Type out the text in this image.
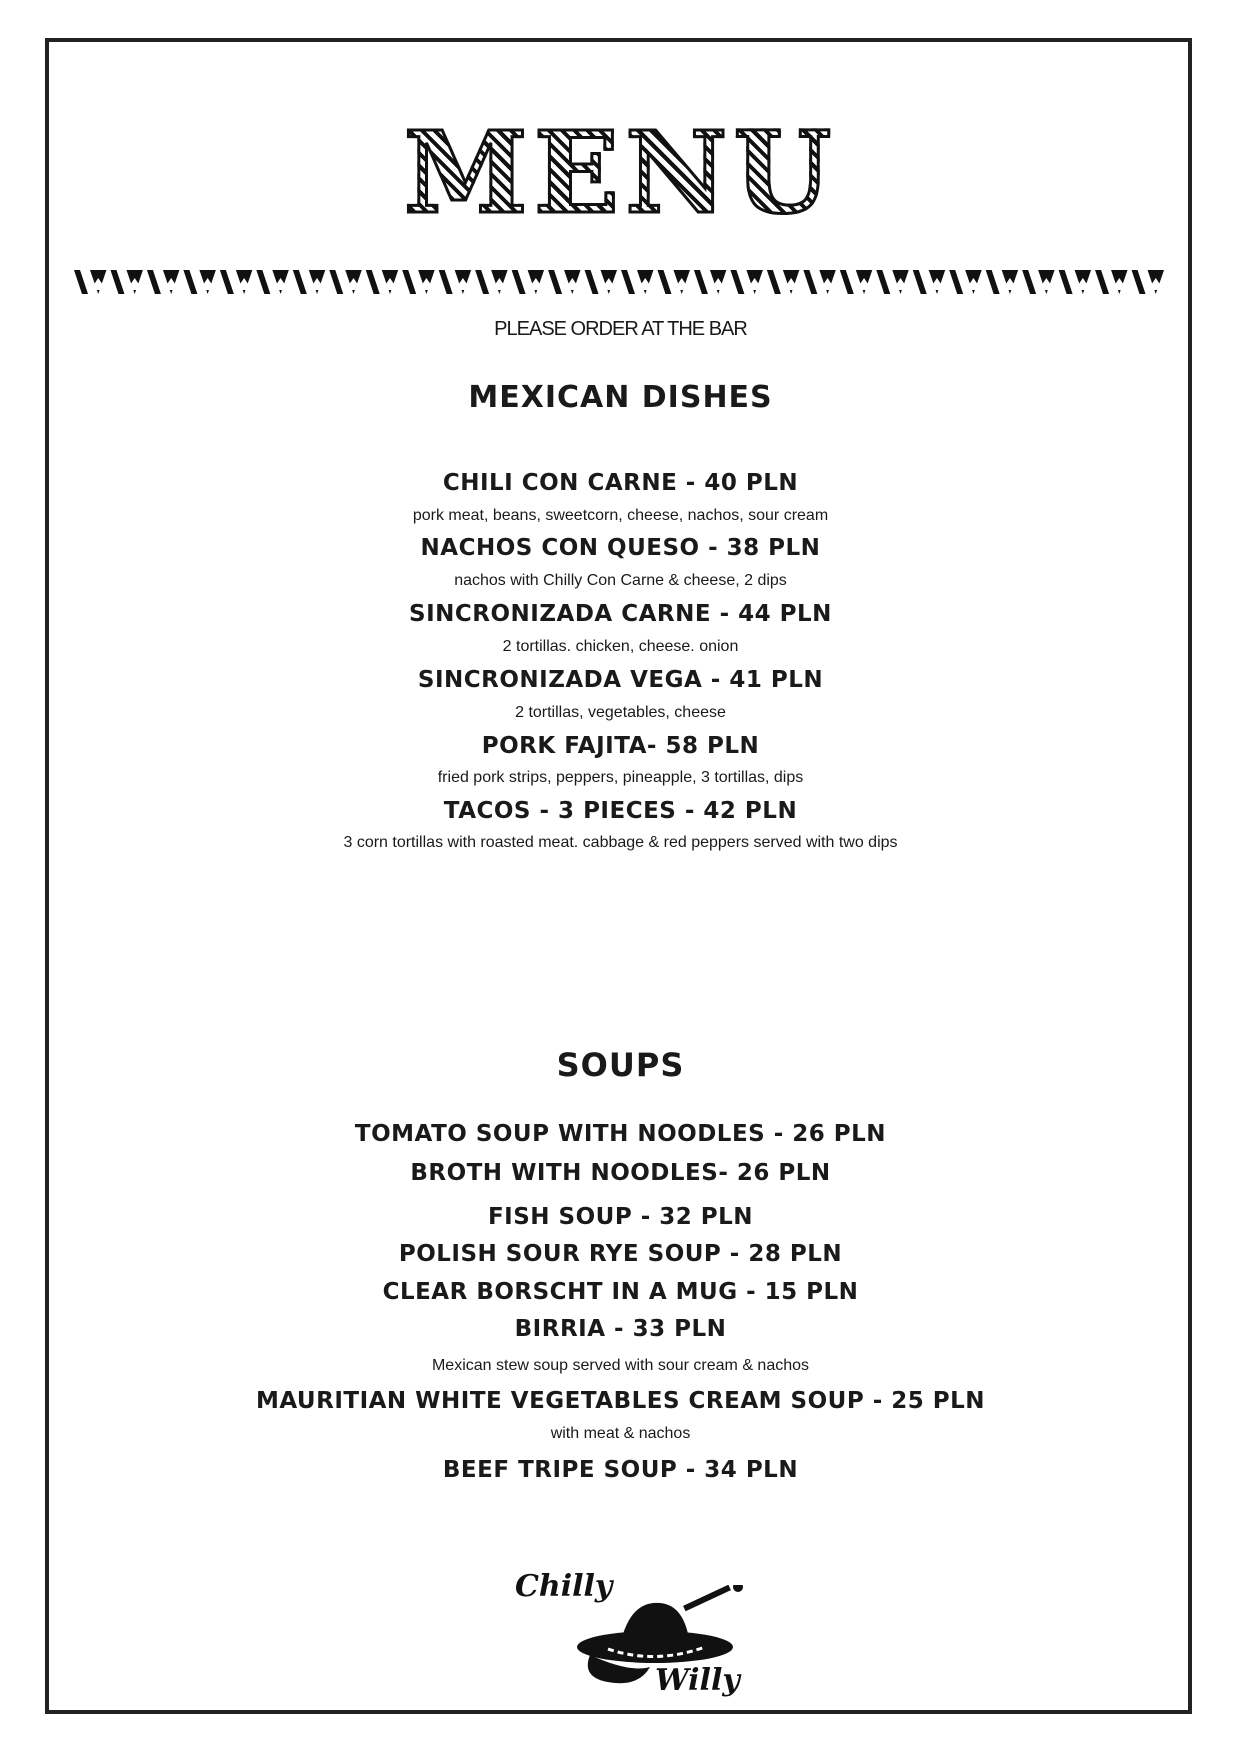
MENU
PLEASE ORDER AT THE BAR
MEXICAN DISHES
CHILI CON CARNE - 40 PLN
pork meat, beans, sweetcorn, cheese, nachos, sour cream
NACHOS CON QUESO - 38 PLN
nachos with Chilly Con Carne & cheese, 2 dips
SINCRONIZADA CARNE - 44 PLN
2 tortillas. chicken, cheese. onion
SINCRONIZADA VEGA - 41 PLN
2 tortillas, vegetables, cheese
PORK FAJITA- 58 PLN
fried pork strips, peppers, pineapple, 3 tortillas, dips
TACOS - 3 PIECES - 42 PLN
3 corn tortillas with roasted meat. cabbage & red peppers served with two dips
SOUPS
TOMATO SOUP WITH NOODLES - 26 PLN
BROTH WITH NOODLES- 26 PLN
FISH SOUP - 32 PLN
POLISH SOUR RYE SOUP - 28 PLN
CLEAR BORSCHT IN A MUG - 15 PLN
BIRRIA - 33 PLN
Mexican stew soup served with sour cream & nachos
MAURITIAN WHITE VEGETABLES CREAM SOUP - 25 PLN
with meat & nachos
BEEF TRIPE SOUP - 34 PLN
Chilly
Willy
